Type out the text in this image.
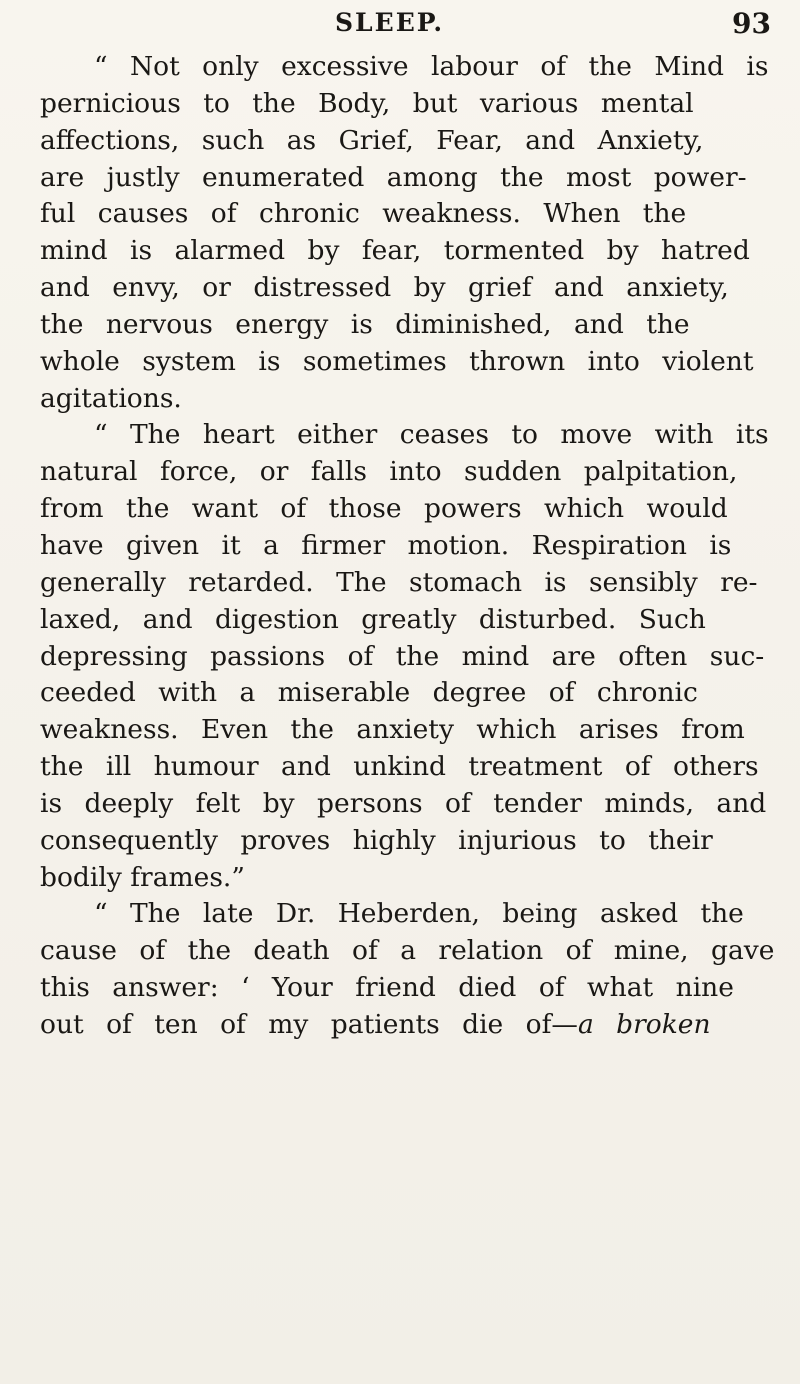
SLEEP.	93
“ Not only excessive labour of the Mind is
pernicious to the Body, but various mental
affections, such as Grief, Fear, and Anxiety,
are justly enumerated among the most power-
ful causes of chronic weakness. When the
mind is alarmed by fear, tormented by hatred
and envy, or distressed by grief and anxiety,
the nervous energy is diminished, and the
whole system is sometimes thrown into violent
agitations.
“ The heart either ceases to move with its
natural force, or falls into sudden palpitation,
from the want of those powers which would
have given it a firmer motion. Respiration is
generally retarded. The stomach is sensibly re-
laxed, and digestion greatly disturbed. Such
depressing passions of the mind are often suc-
ceeded with a miserable degree of chronic
weakness. Even the anxiety which arises from
the ill humour and unkind treatment of others
is deeply felt by persons of tender minds, and
consequently proves highly injurious to their
bodily frames.”
“ The late Dr. Heberden, being asked the
cause of the death of a relation of mine, gave
this answer: ‘ Your friend died of what nine
out of ten of my patients die of—a broken
